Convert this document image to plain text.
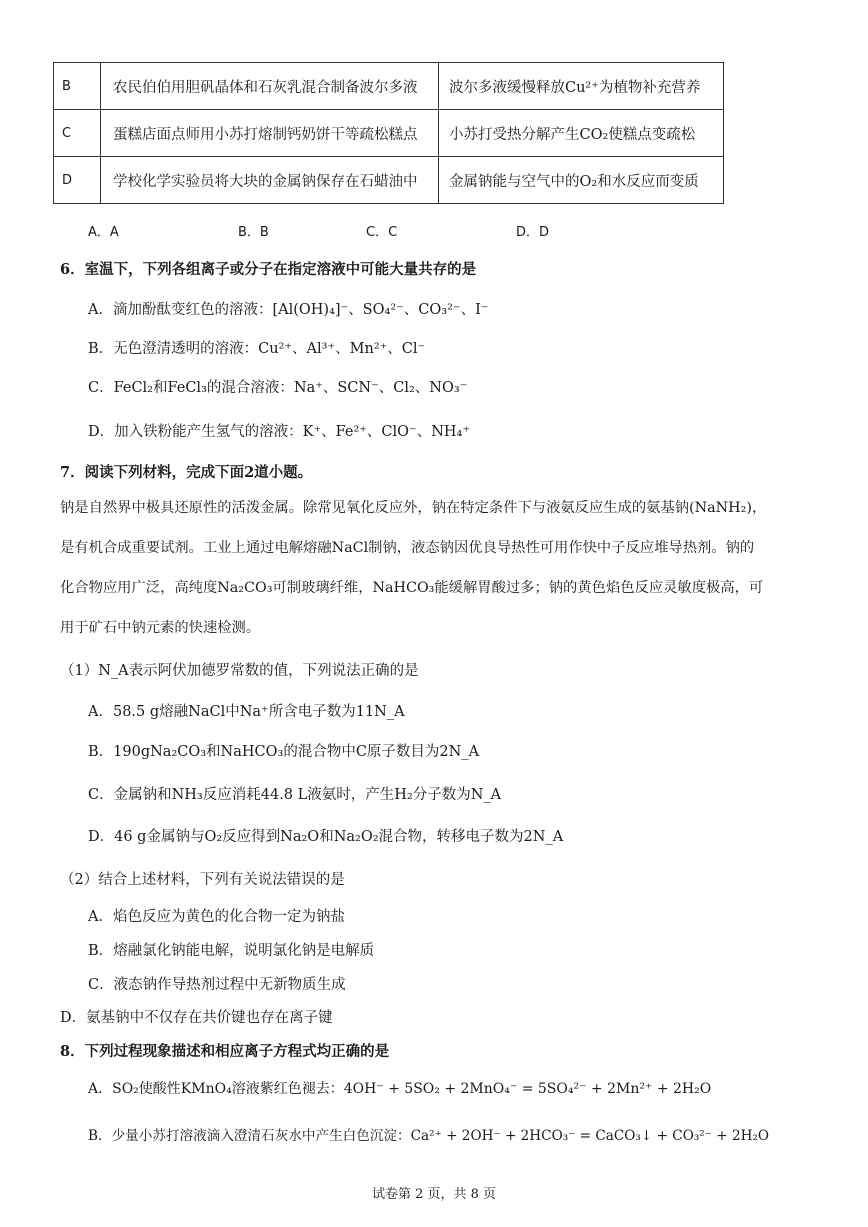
B	农民伯伯用胆矾晶体和石灰乳混合制备波尔多液	波尔多液缓慢释放Cu²⁺为植物补充营养
C	蛋糕店面点师用小苏打熔制钙奶饼干等疏松糕点	小苏打受热分解产生CO₂使糕点变疏松
D	学校化学实验员将大块的金属钠保存在石蜡油中	金属钠能与空气中的O₂和水反应而变质
A．A	B．B	C．C	D．D
6．室温下，下列各组离子或分子在指定溶液中可能大量共存的是
A．滴加酚酞变红色的溶液：[Al(OH)₄]⁻、SO₄²⁻、CO₃²⁻、I⁻
B．无色澄清透明的溶液：Cu²⁺、Al³⁺、Mn²⁺、Cl⁻
C．FeCl₂和FeCl₃的混合溶液：Na⁺、SCN⁻、Cl₂、NO₃⁻
D．加入铁粉能产生氢气的溶液：K⁺、Fe²⁺、ClO⁻、NH₄⁺
7．阅读下列材料，完成下面2道小题。
钠是自然界中极具还原性的活泼金属。除常见氧化反应外，钠在特定条件下与液氨反应生成的氨基钠(NaNH₂)，
是有机合成重要试剂。工业上通过电解熔融NaCl制钠，液态钠因优良导热性可用作快中子反应堆导热剂。钠的
化合物应用广泛，高纯度Na₂CO₃可制玻璃纤维，NaHCO₃能缓解胃酸过多；钠的黄色焰色反应灵敏度极高，可
用于矿石中钠元素的快速检测。
（1）N_A表示阿伏加德罗常数的值，下列说法正确的是
A．58.5 g熔融NaCl中Na⁺所含电子数为11N_A
B．190gNa₂CO₃和NaHCO₃的混合物中C原子数目为2N_A
C．金属钠和NH₃反应消耗44.8 L液氨时，产生H₂分子数为N_A
D．46 g金属钠与O₂反应得到Na₂O和Na₂O₂混合物，转移电子数为2N_A
（2）结合上述材料，下列有关说法错误的是
A．焰色反应为黄色的化合物一定为钠盐
B．熔融氯化钠能电解，说明氯化钠是电解质
C．液态钠作导热剂过程中无新物质生成
D．氨基钠中不仅存在共价键也存在离子键
8．下列过程现象描述和相应离子方程式均正确的是
A．SO₂使酸性KMnO₄溶液紫红色褪去：4OH⁻ + 5SO₂ + 2MnO₄⁻ = 5SO₄²⁻ + 2Mn²⁺ + 2H₂O
B．少量小苏打溶液滴入澄清石灰水中产生白色沉淀：Ca²⁺ + 2OH⁻ + 2HCO₃⁻ = CaCO₃↓ + CO₃²⁻ + 2H₂O
试卷第 2 页，共 8 页
